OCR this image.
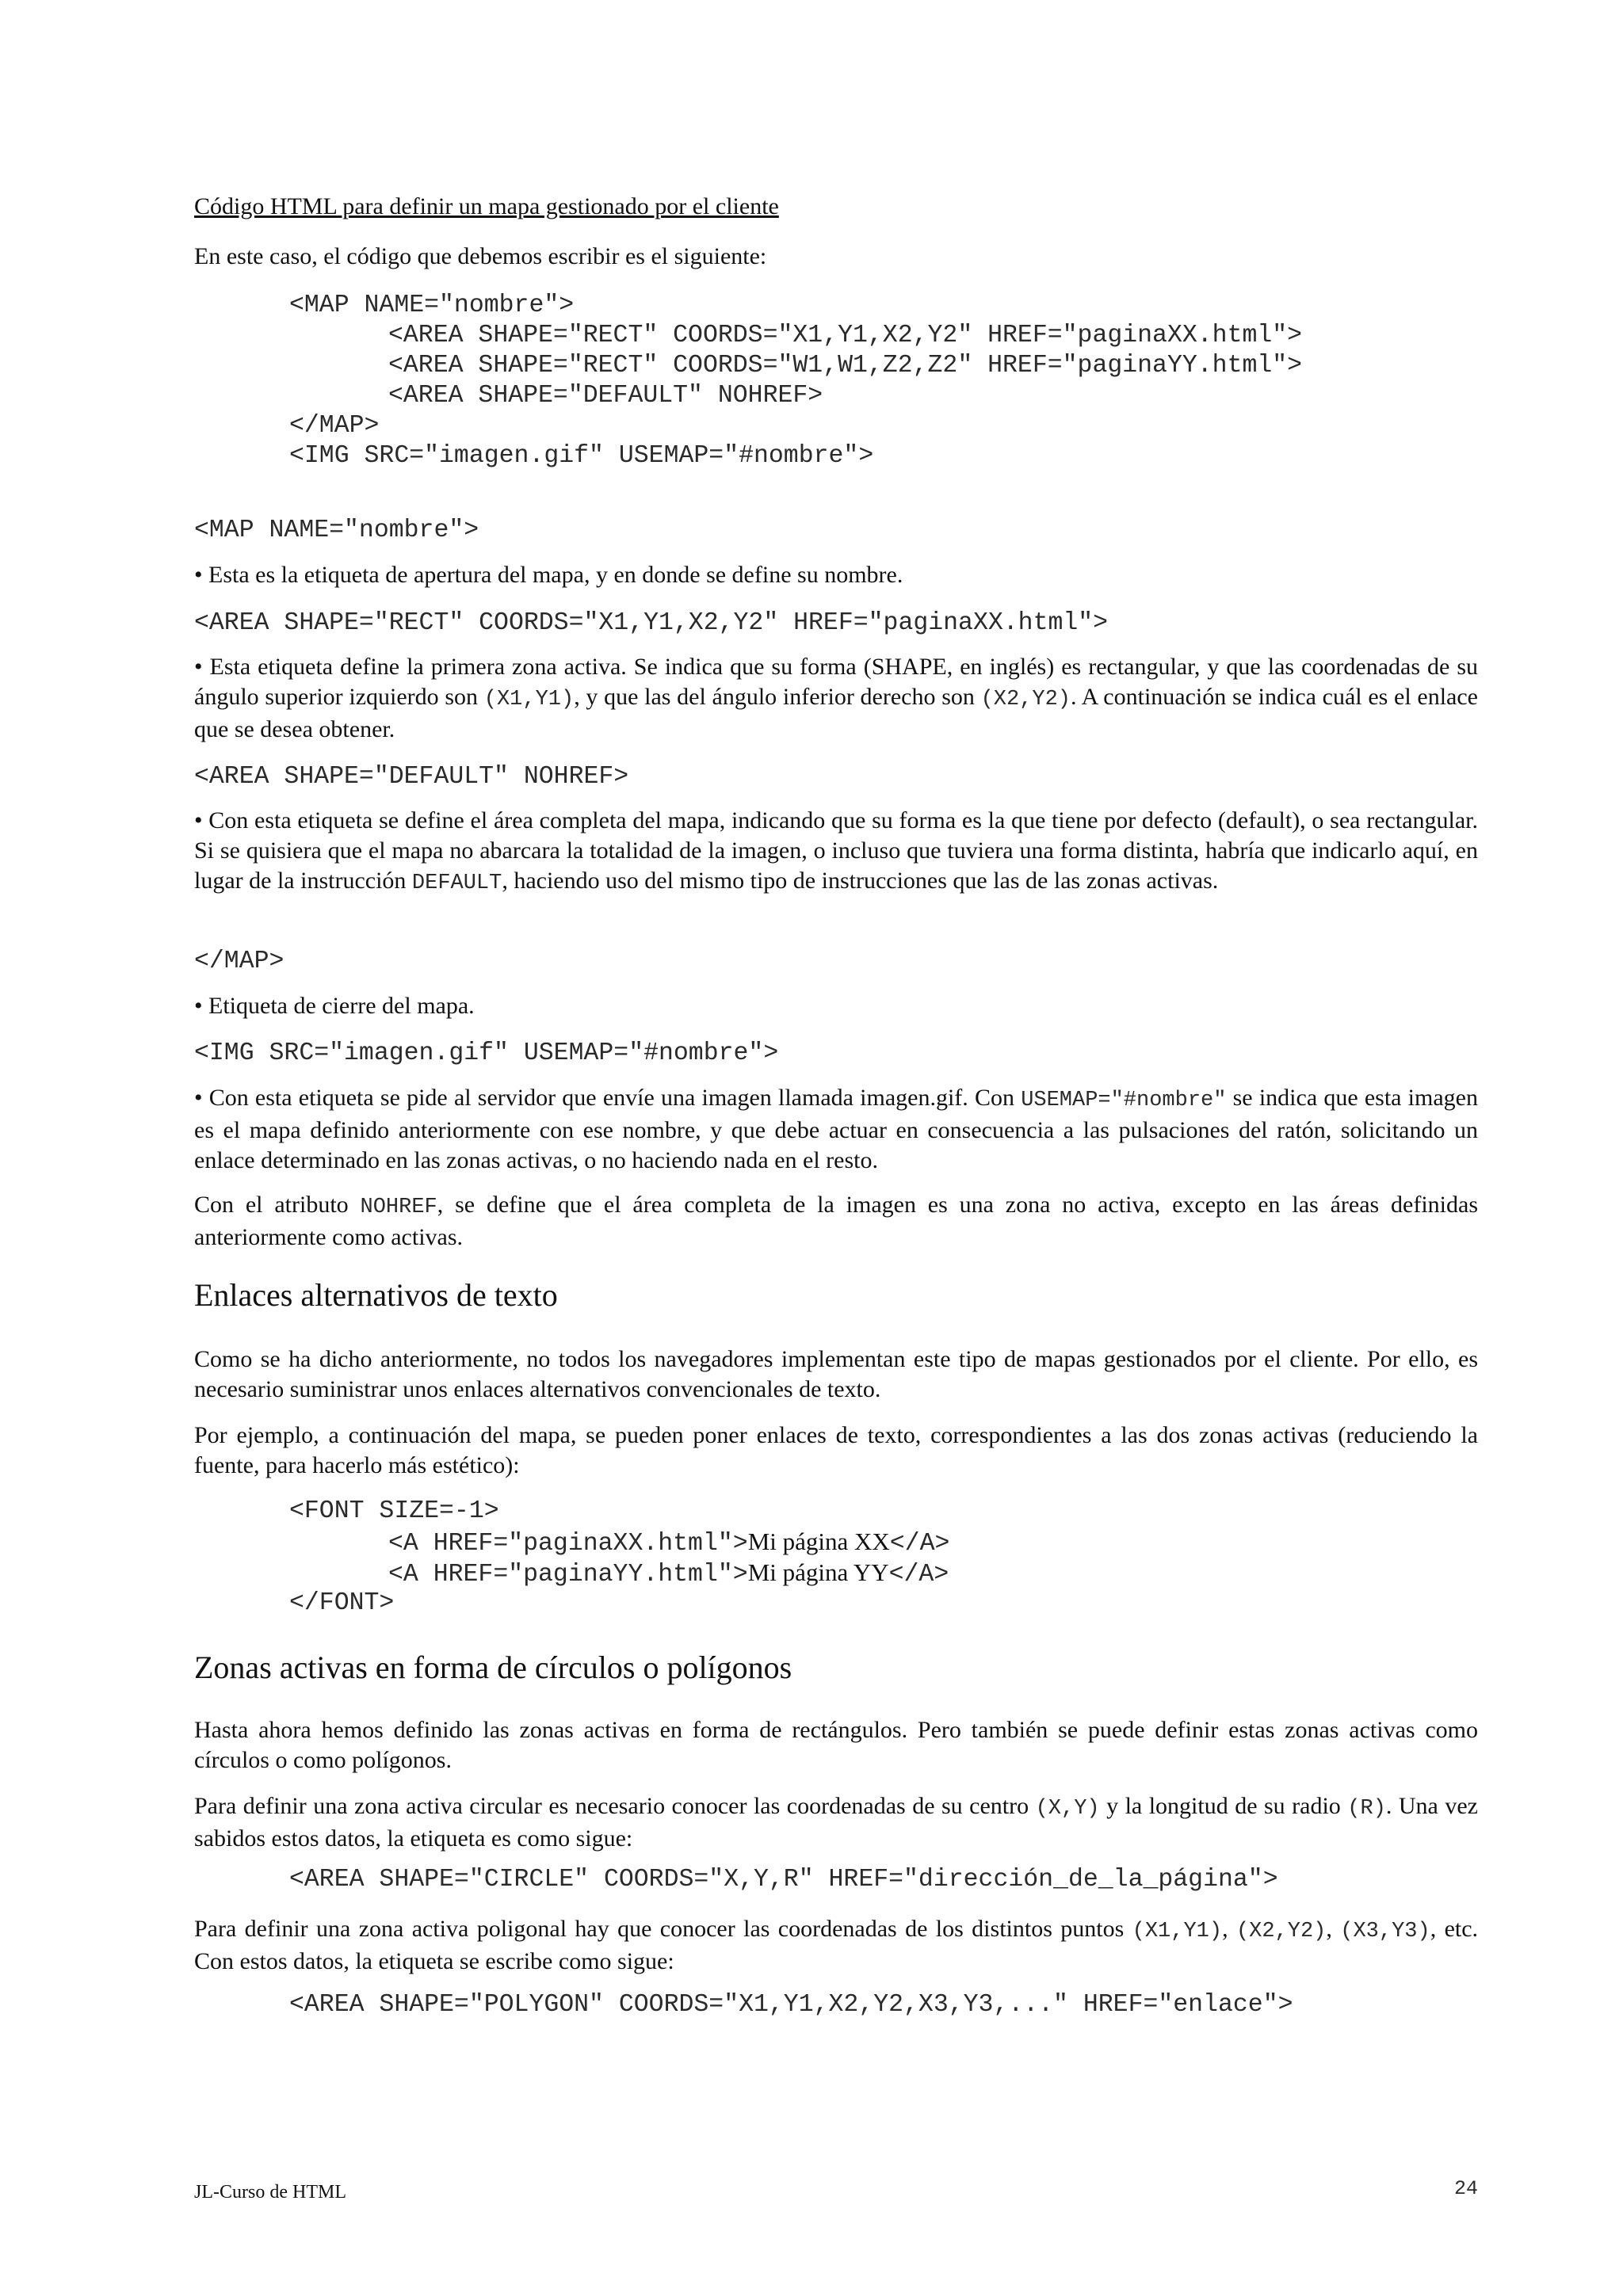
Código HTML para definir un mapa gestionado por el cliente
En este caso, el código que debemos escribir es el siguiente:
<MAP NAME="nombre">
<AREA SHAPE="RECT" COORDS="X1,Y1,X2,Y2" HREF="paginaXX.html">
<AREA SHAPE="RECT" COORDS="W1,W1,Z2,Z2" HREF="paginaYY.html">
<AREA SHAPE="DEFAULT" NOHREF>
</MAP>
<IMG SRC="imagen.gif" USEMAP="#nombre">
<MAP NAME="nombre">
• Esta es la etiqueta de apertura del mapa, y en donde se define su nombre.
<AREA SHAPE="RECT" COORDS="X1,Y1,X2,Y2" HREF="paginaXX.html">
• Esta etiqueta define la primera zona activa. Se indica que su forma (SHAPE, en inglés) es rectangular, y que las coordenadas de su ángulo superior izquierdo son (X1,Y1), y que las del ángulo inferior derecho son (X2,Y2). A continuación se indica cuál es el enlace que se desea obtener.
<AREA SHAPE="DEFAULT" NOHREF>
• Con esta etiqueta se define el área completa del mapa, indicando que su forma es la que tiene por defecto (default), o sea rectangular. Si se quisiera que el mapa no abarcara la totalidad de la imagen, o incluso que tuviera una forma distinta, habría que indicarlo aquí, en lugar de la instrucción DEFAULT, haciendo uso del mismo tipo de instrucciones que las de las zonas activas.
</MAP>
• Etiqueta de cierre del mapa.
<IMG SRC="imagen.gif" USEMAP="#nombre">
• Con esta etiqueta se pide al servidor que envíe una imagen llamada imagen.gif. Con USEMAP="#nombre" se indica que esta imagen es el mapa definido anteriormente con ese nombre, y que debe actuar en consecuencia a las pulsaciones del ratón, solicitando un enlace determinado en las zonas activas, o no haciendo nada en el resto.
Con el atributo NOHREF, se define que el área completa de la imagen es una zona no activa, excepto en las áreas definidas anteriormente como activas.
Enlaces alternativos de texto
Como se ha dicho anteriormente, no todos los navegadores implementan este tipo de mapas gestionados por el cliente. Por ello, es necesario suministrar unos enlaces alternativos convencionales de texto.
Por ejemplo, a continuación del mapa, se pueden poner enlaces de texto, correspondientes a las dos zonas activas (reduciendo la fuente, para hacerlo más estético):
<FONT SIZE=-1>
<A HREF="paginaXX.html">Mi página XX</A>
<A HREF="paginaYY.html">Mi página YY</A>
</FONT>
Zonas activas en forma de círculos o polígonos
Hasta ahora hemos definido las zonas activas en forma de rectángulos. Pero también se puede definir estas zonas activas como círculos o como polígonos.
Para definir una zona activa circular es necesario conocer las coordenadas de su centro (X,Y) y la longitud de su radio (R). Una vez sabidos estos datos, la etiqueta es como sigue:
<AREA SHAPE="CIRCLE" COORDS="X,Y,R" HREF="dirección_de_la_página">
Para definir una zona activa poligonal hay que conocer las coordenadas de los distintos puntos (X1,Y1), (X2,Y2), (X3,Y3), etc. Con estos datos, la etiqueta se escribe como sigue:
<AREA SHAPE="POLYGON" COORDS="X1,Y1,X2,Y2,X3,Y3,..." HREF="enlace">
JL-Curso de HTML	24
